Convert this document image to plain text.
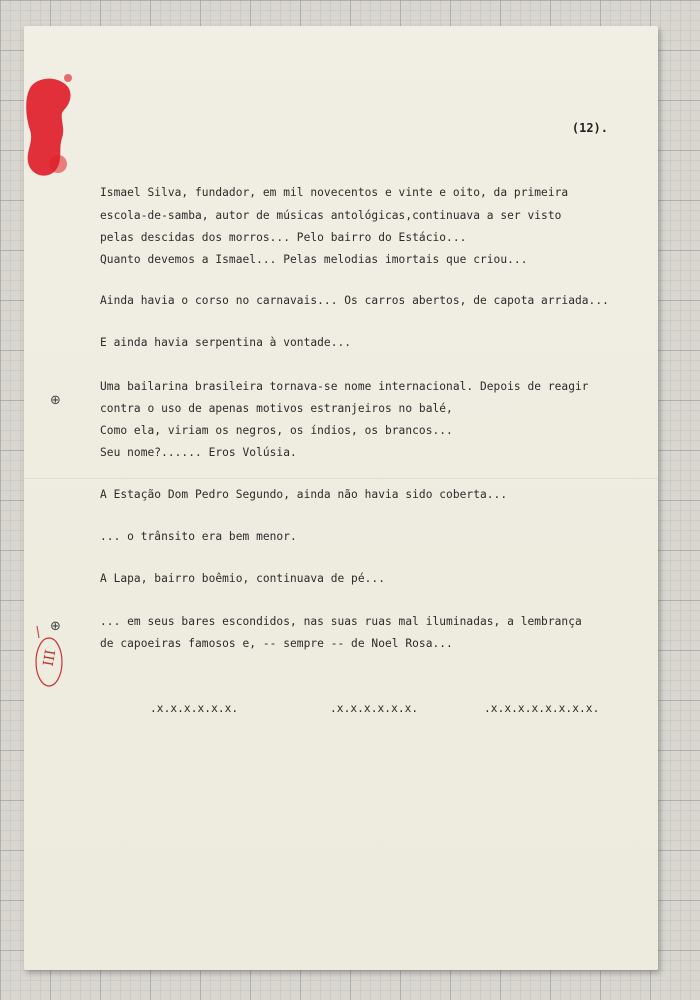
(12).
⊕
⊕
III
Ismael Silva, fundador, em mil novecentos e vinte e oito, da primeira
escola-de-samba, autor de músicas antológicas,continuava a ser visto
pelas descidas dos morros... Pelo bairro do Estácio...
Quanto devemos a Ismael... Pelas melodias imortais que criou...
Ainda havia o corso no carnavais... Os carros abertos, de capota arriada...
E ainda havia serpentina à vontade...
Uma bailarina brasileira tornava-se nome internacional. Depois de reagir
contra o uso de apenas motivos estranjeiros no balé,
Como ela, viriam os negros, os índios, os brancos...
Seu nome?...... Eros Volúsia.
A Estação Dom Pedro Segundo, ainda não havia sido coberta...
... o trânsito era bem menor.
A Lapa, bairro boêmio, continuava de pé...
... em seus bares escondidos, nas suas ruas mal iluminadas, a lembrança
de capoeiras famosos e, -- sempre -- de Noel Rosa...
.x.x.x.x.x.x.	.x.x.x.x.x.x.	.x.x.x.x.x.x.x.x.
